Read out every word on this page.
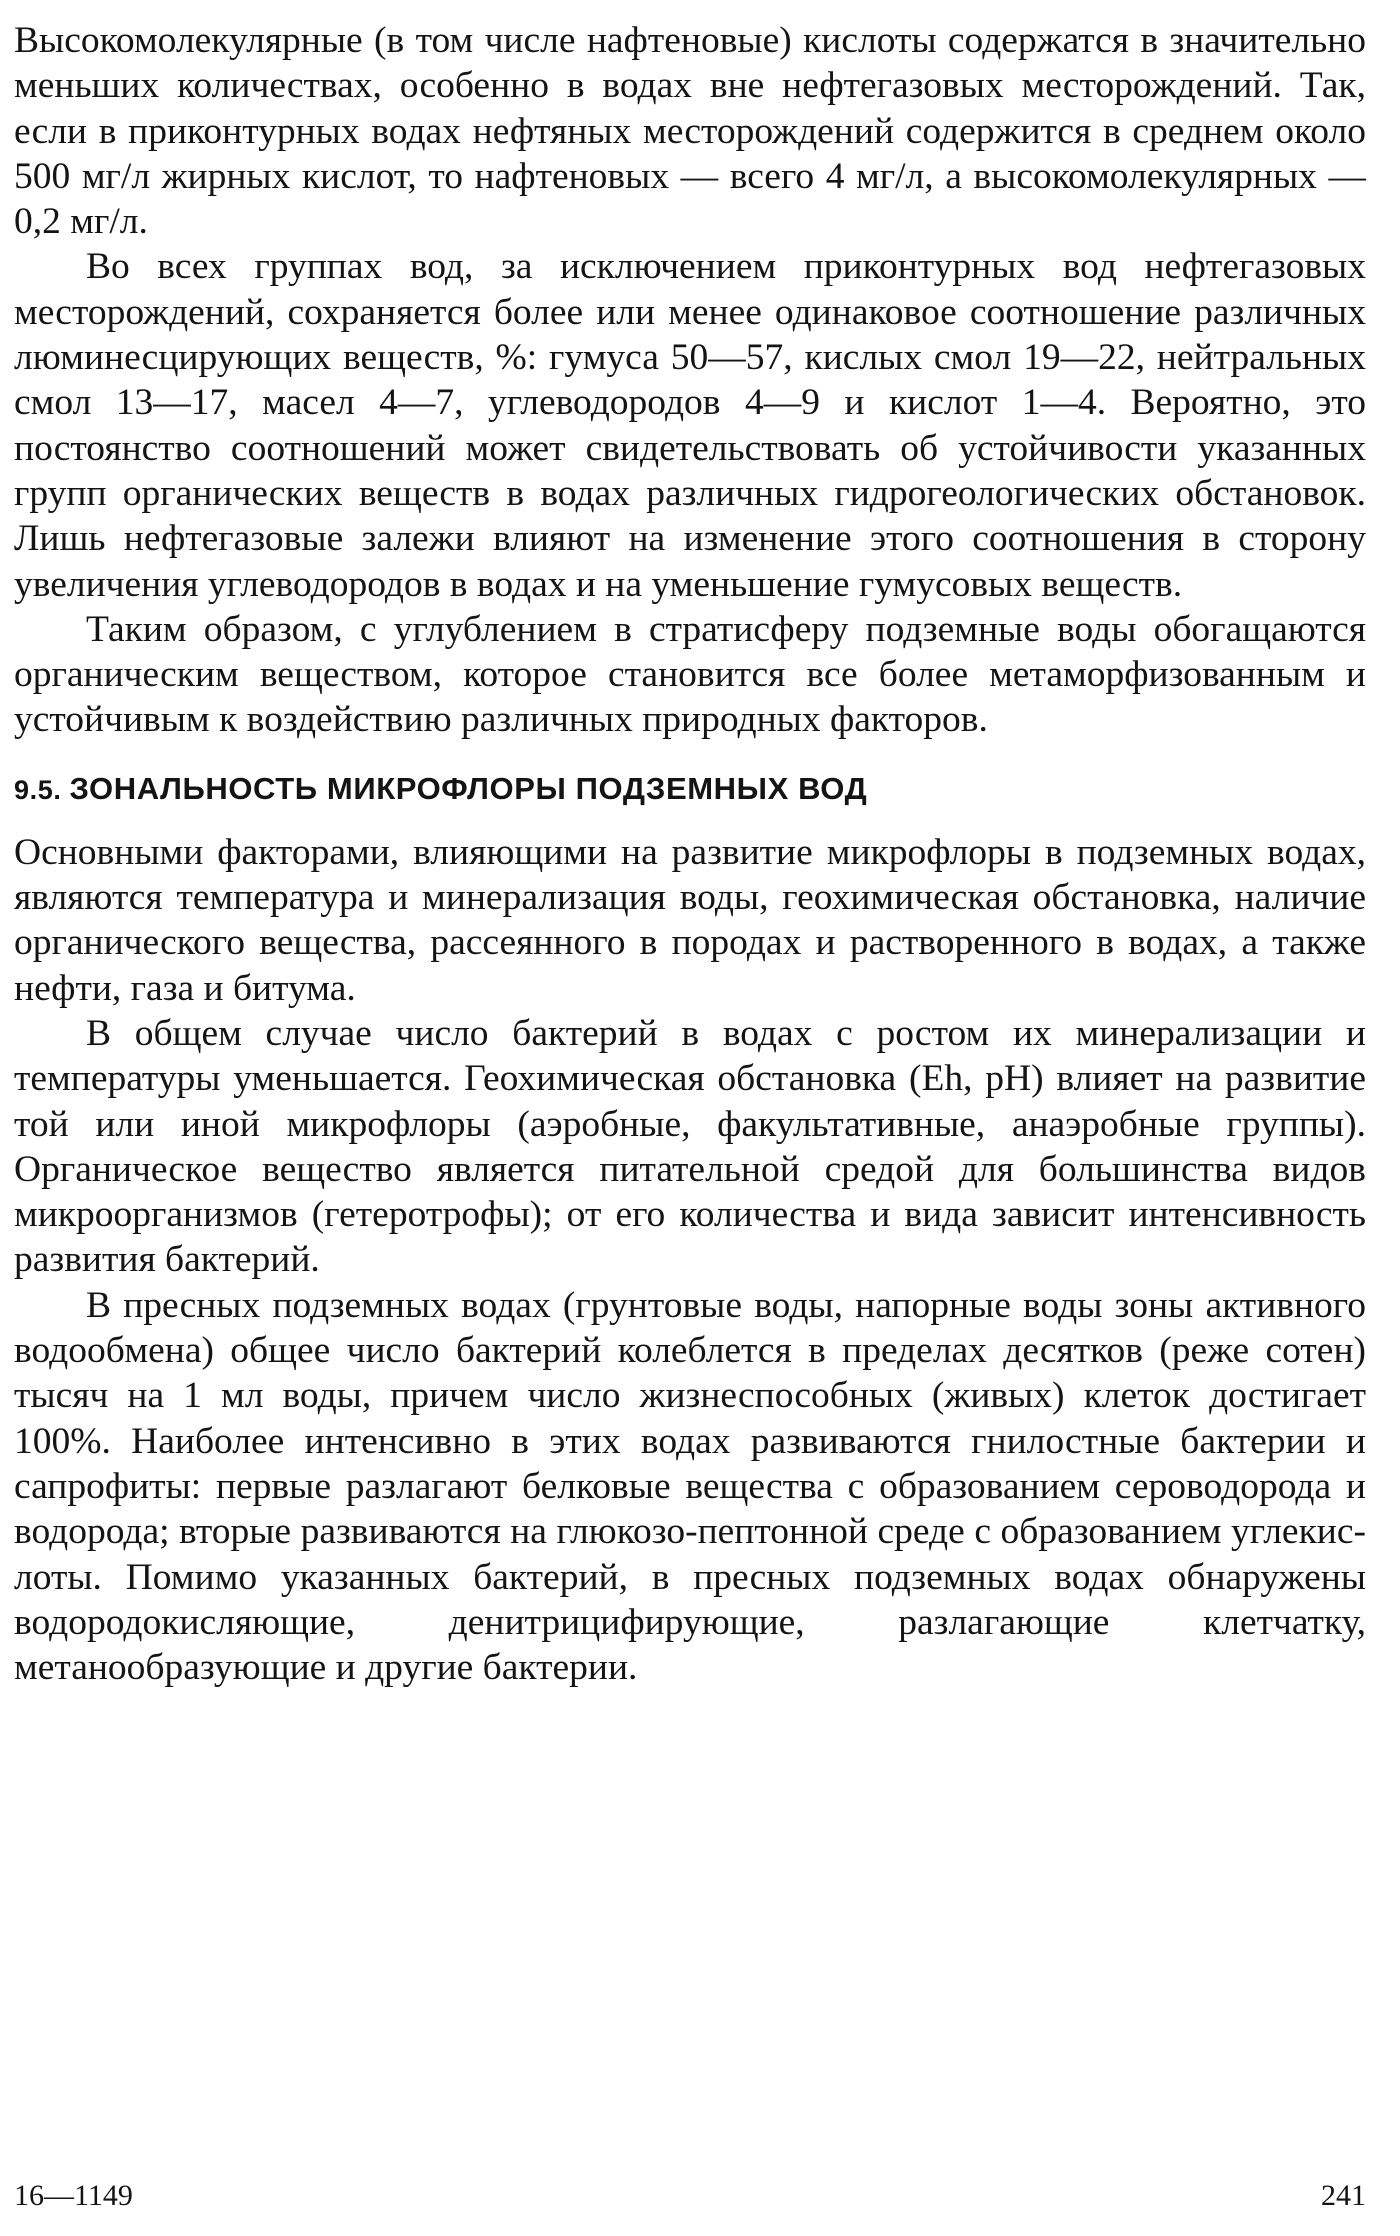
Высокомолекулярные (в том числе нафтеновые) кислоты содержатся в значительно меньших количествах, особенно в водах вне нефтегазовых месторождений. Так, если в приконтурных водах нефтяных месторождений содержится в среднем около 500 мг/л жирных кислот, то нафтеновых — всего 4 мг/л, а высокомолекулярных — 0,2 мг/л.

Во всех группах вод, за исключением приконтурных вод нефтегазовых месторождений, сохраняется более или менее одинаковое соотношение различных люминесцирующих веществ, %: гумуса 50—57, кислых смол 19—22, нейтральных смол 13—17, масел 4—7, углеводородов 4—9 и кислот 1—4. Вероятно, это постоянство соотношений может свидетельствовать об устойчивости указанных групп органических веществ в водах различных гидрогеологических обстановок. Лишь нефтегазовые залежи влияют на изменение этого соотношения в сторону увеличения углеводородов в водах и на уменьшение гумусовых веществ.

Таким образом, с углублением в стратисферу подземные воды обогащаются органическим веществом, которое становится все более метаморфизованным и устойчивым к воздействию различных природных факторов.

9.5. ЗОНАЛЬНОСТЬ МИКРОФЛОРЫ ПОДЗЕМНЫХ ВОД

Основными факторами, влияющими на развитие микрофлоры в подземных водах, являются температура и минерализация воды, геохимическая обстановка, наличие органического вещества, рассеянного в породах и растворенного в водах, а также нефти, газа и битума.

В общем случае число бактерий в водах с ростом их минерализации и температуры уменьшается. Геохимическая обстановка (Eh, pH) влияет на развитие той или иной микрофлоры (аэробные, факультативные, анаэробные группы). Органическое вещество является питательной средой для большинства видов микроорганизмов (гетеротрофы); от его количества и вида зависит интенсивность развития бактерий.

В пресных подземных водах (грунтовые воды, напорные воды зоны активного водообмена) общее число бактерий колеблется в пределах десятков (реже сотен) тысяч на 1 мл воды, причем число жизнеспособных (живых) клеток достигает 100%. Наиболее интенсивно в этих водах развиваются гнилостные бактерии и сапрофиты: первые разлагают белковые вещества с образованием сероводорода и водорода; вторые развиваются на глюкозо-пептонной среде с образованием углекислоты. Помимо указанных бактерий, в пресных подземных водах обнаружены водородокисляющие, денитрицифирующие, разлагающие клетчатку, метанообразующие и другие бактерии.

16—1149	241
